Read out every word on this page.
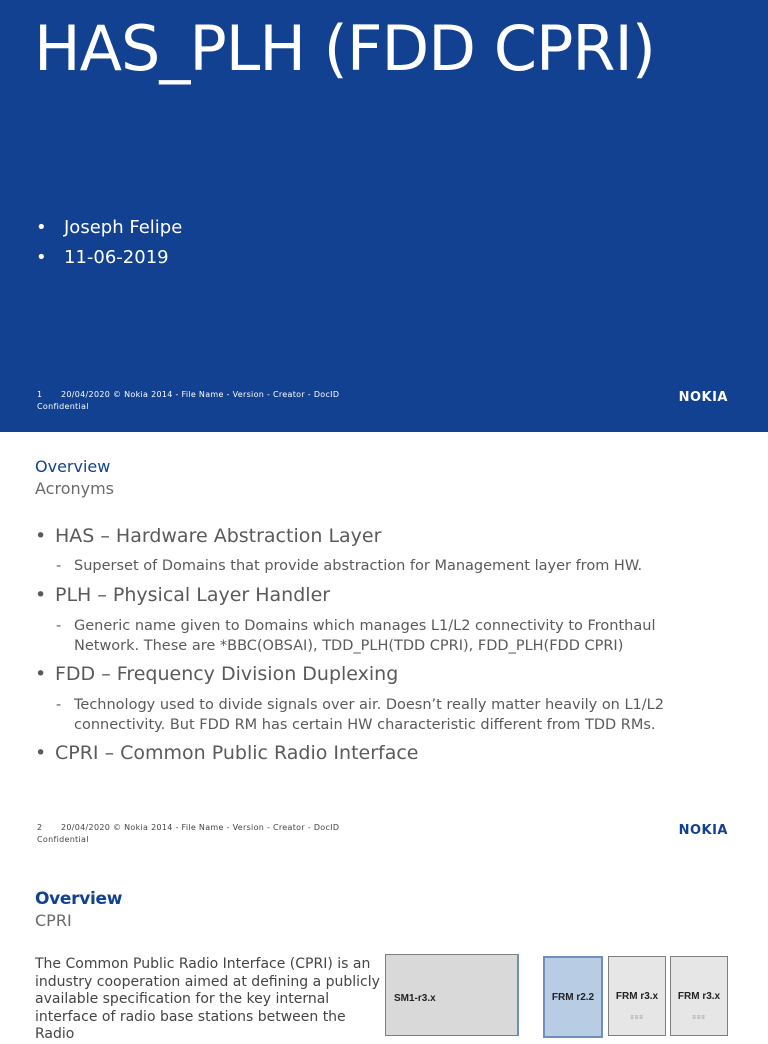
HAS_PLH (FDD CPRI)
• Joseph Felipe
• 11-06-2019
1 20/04/2020 © Nokia 2014 - File Name - Version - Creator - DocID
Confidential
NOKIA
Overview
Acronyms
• HAS – Hardware Abstraction Layer
- Superset of Domains that provide abstraction for Management layer from HW.
• PLH – Physical Layer Handler
- Generic name given to Domains which manages L1/L2 connectivity to Fronthaul Network. These are *BBC(OBSAI), TDD_PLH(TDD CPRI), FDD_PLH(FDD CPRI)
• FDD – Frequency Division Duplexing
- Technology used to divide signals over air. Doesn’t really matter heavily on L1/L2 connectivity. But FDD RM has certain HW characteristic different from TDD RMs.
• CPRI – Common Public Radio Interface
2 20/04/2020 © Nokia 2014 - File Name - Version - Creator - DocID
Confidential
NOKIA
Overview
CPRI
The Common Public Radio Interface (CPRI) is an industry cooperation aimed at defining a publicly available specification for the key internal interface of radio base stations between the Radio
SM1-r3.x	FRM r2.2	FRM r3.x
≡≡≡
FRM r3.x
≡≡≡
